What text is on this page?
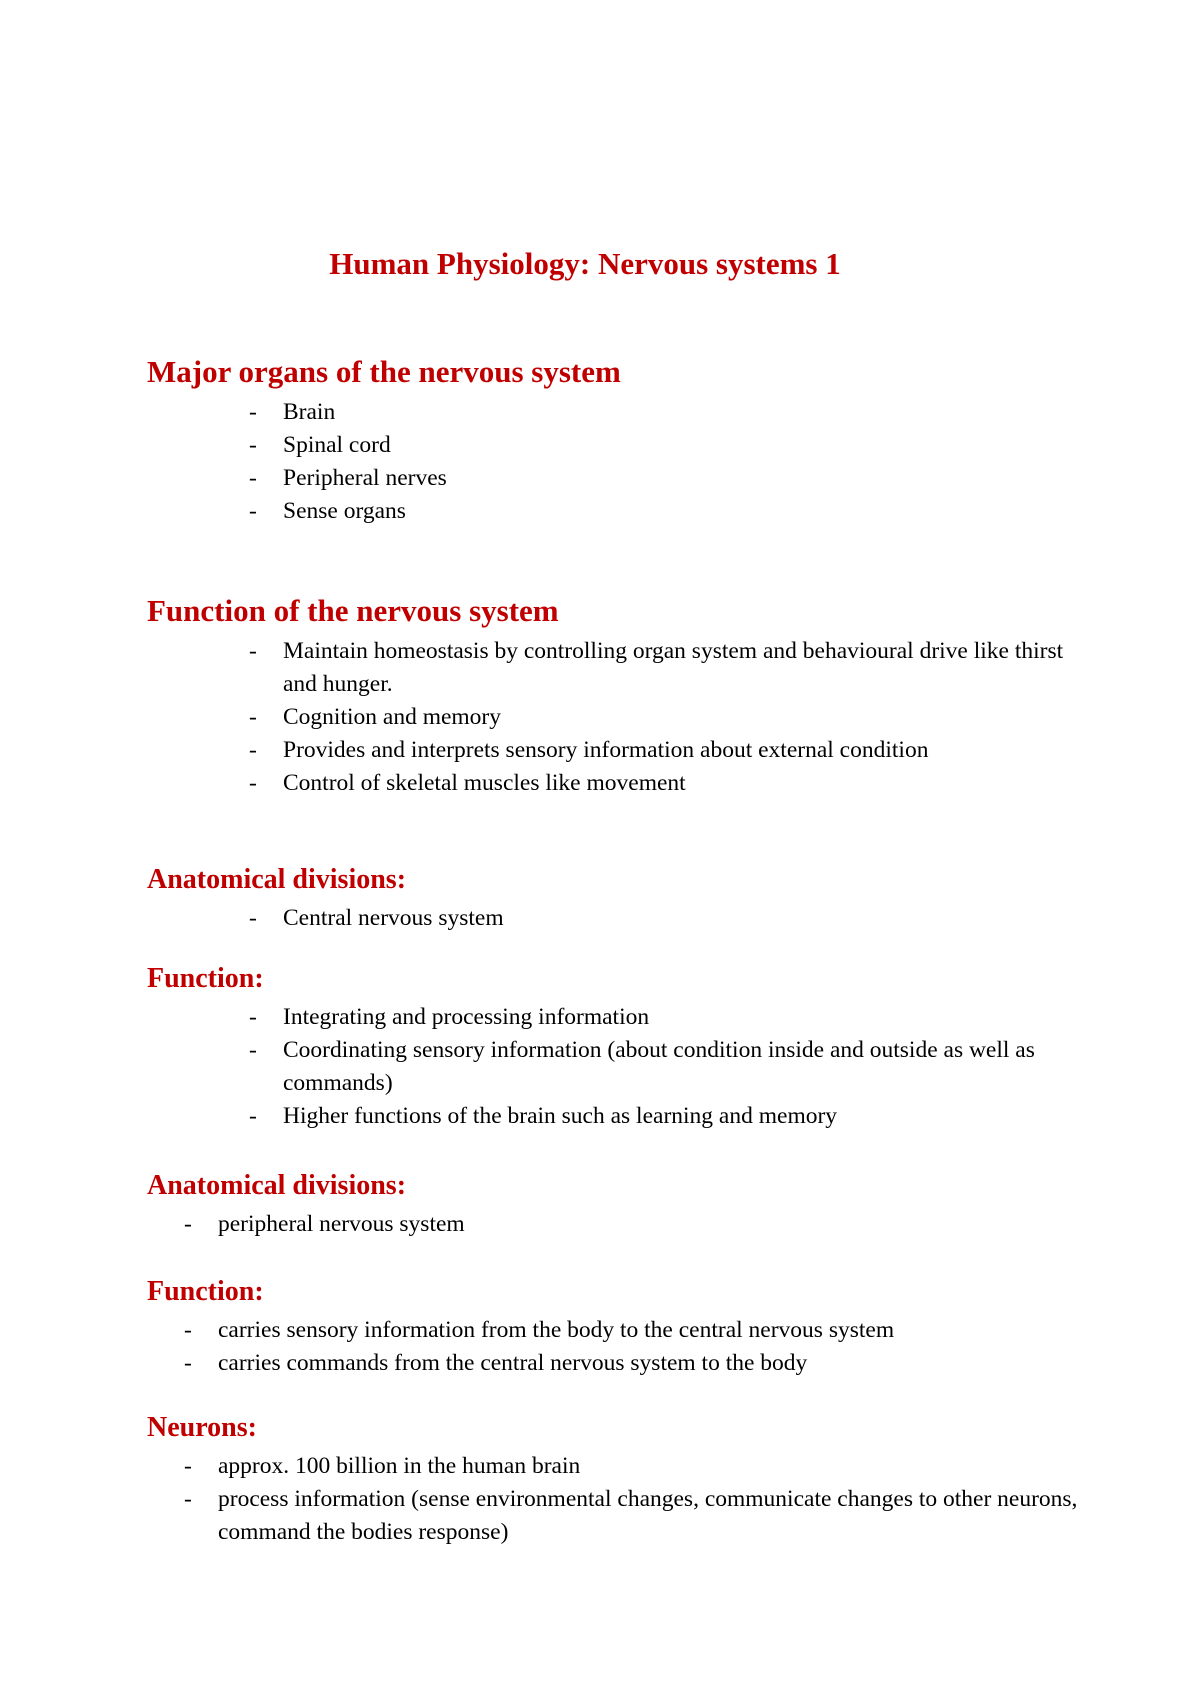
Human Physiology: Nervous systems 1
Major organs of the nervous system
- Brain
- Spinal cord
- Peripheral nerves
- Sense organs
Function of the nervous system
- Maintain homeostasis by controlling organ system and behavioural drive like thirst and hunger.
- Cognition and memory
- Provides and interprets sensory information about external condition
- Control of skeletal muscles like movement
Anatomical divisions:
- Central nervous system
Function:
- Integrating and processing information
- Coordinating sensory information (about condition inside and outside as well as commands)
- Higher functions of the brain such as learning and memory
Anatomical divisions:
- peripheral nervous system
Function:
- carries sensory information from the body to the central nervous system
- carries commands from the central nervous system to the body
Neurons:
- approx. 100 billion in the human brain
- process information (sense environmental changes, communicate changes to other neurons, command the bodies response)
